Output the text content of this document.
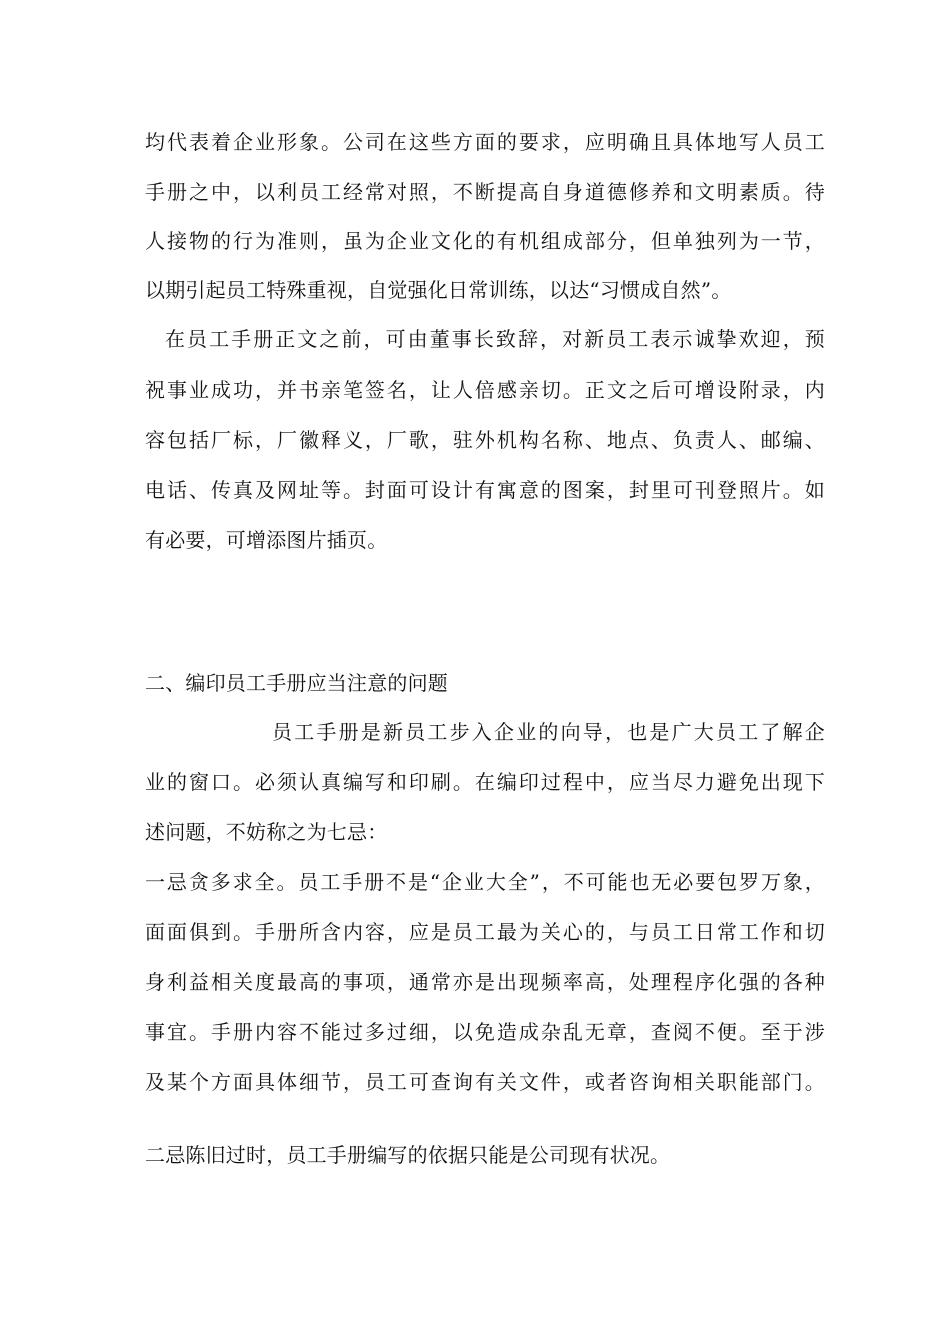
均代表着企业形象。公司在这些方面的要求，应明确且具体地写人员工
手册之中，以利员工经常对照，不断提高自身道德修养和文明素质。待
人接物的行为准则，虽为企业文化的有机组成部分，但单独列为一节，
以期引起员工特殊重视，自觉强化日常训练，以达“习惯成自然”。
在员工手册正文之前，可由董事长致辞，对新员工表示诚挚欢迎，预
祝事业成功，并书亲笔签名，让人倍感亲切。正文之后可增设附录，内
容包括厂标，厂徽释义，厂歌，驻外机构名称、地点、负责人、邮编、
电话、传真及网址等。封面可设计有寓意的图案，封里可刊登照片。如
有必要，可增添图片插页。
二、编印员工手册应当注意的问题
员工手册是新员工步入企业的向导，也是广大员工了解企
业的窗口。必须认真编写和印刷。在编印过程中，应当尽力避免出现下
述问题，不妨称之为七忌：
一忌贪多求全。员工手册不是“企业大全”，不可能也无必要包罗万象，
面面俱到。手册所含内容，应是员工最为关心的，与员工日常工作和切
身利益相关度最高的事项，通常亦是出现频率高，处理程序化强的各种
事宜。手册内容不能过多过细，以免造成杂乱无章，查阅不便。至于涉
及某个方面具体细节，员工可查询有关文件，或者咨询相关职能部门。
二忌陈旧过时，员工手册编写的依据只能是公司现有状况。
